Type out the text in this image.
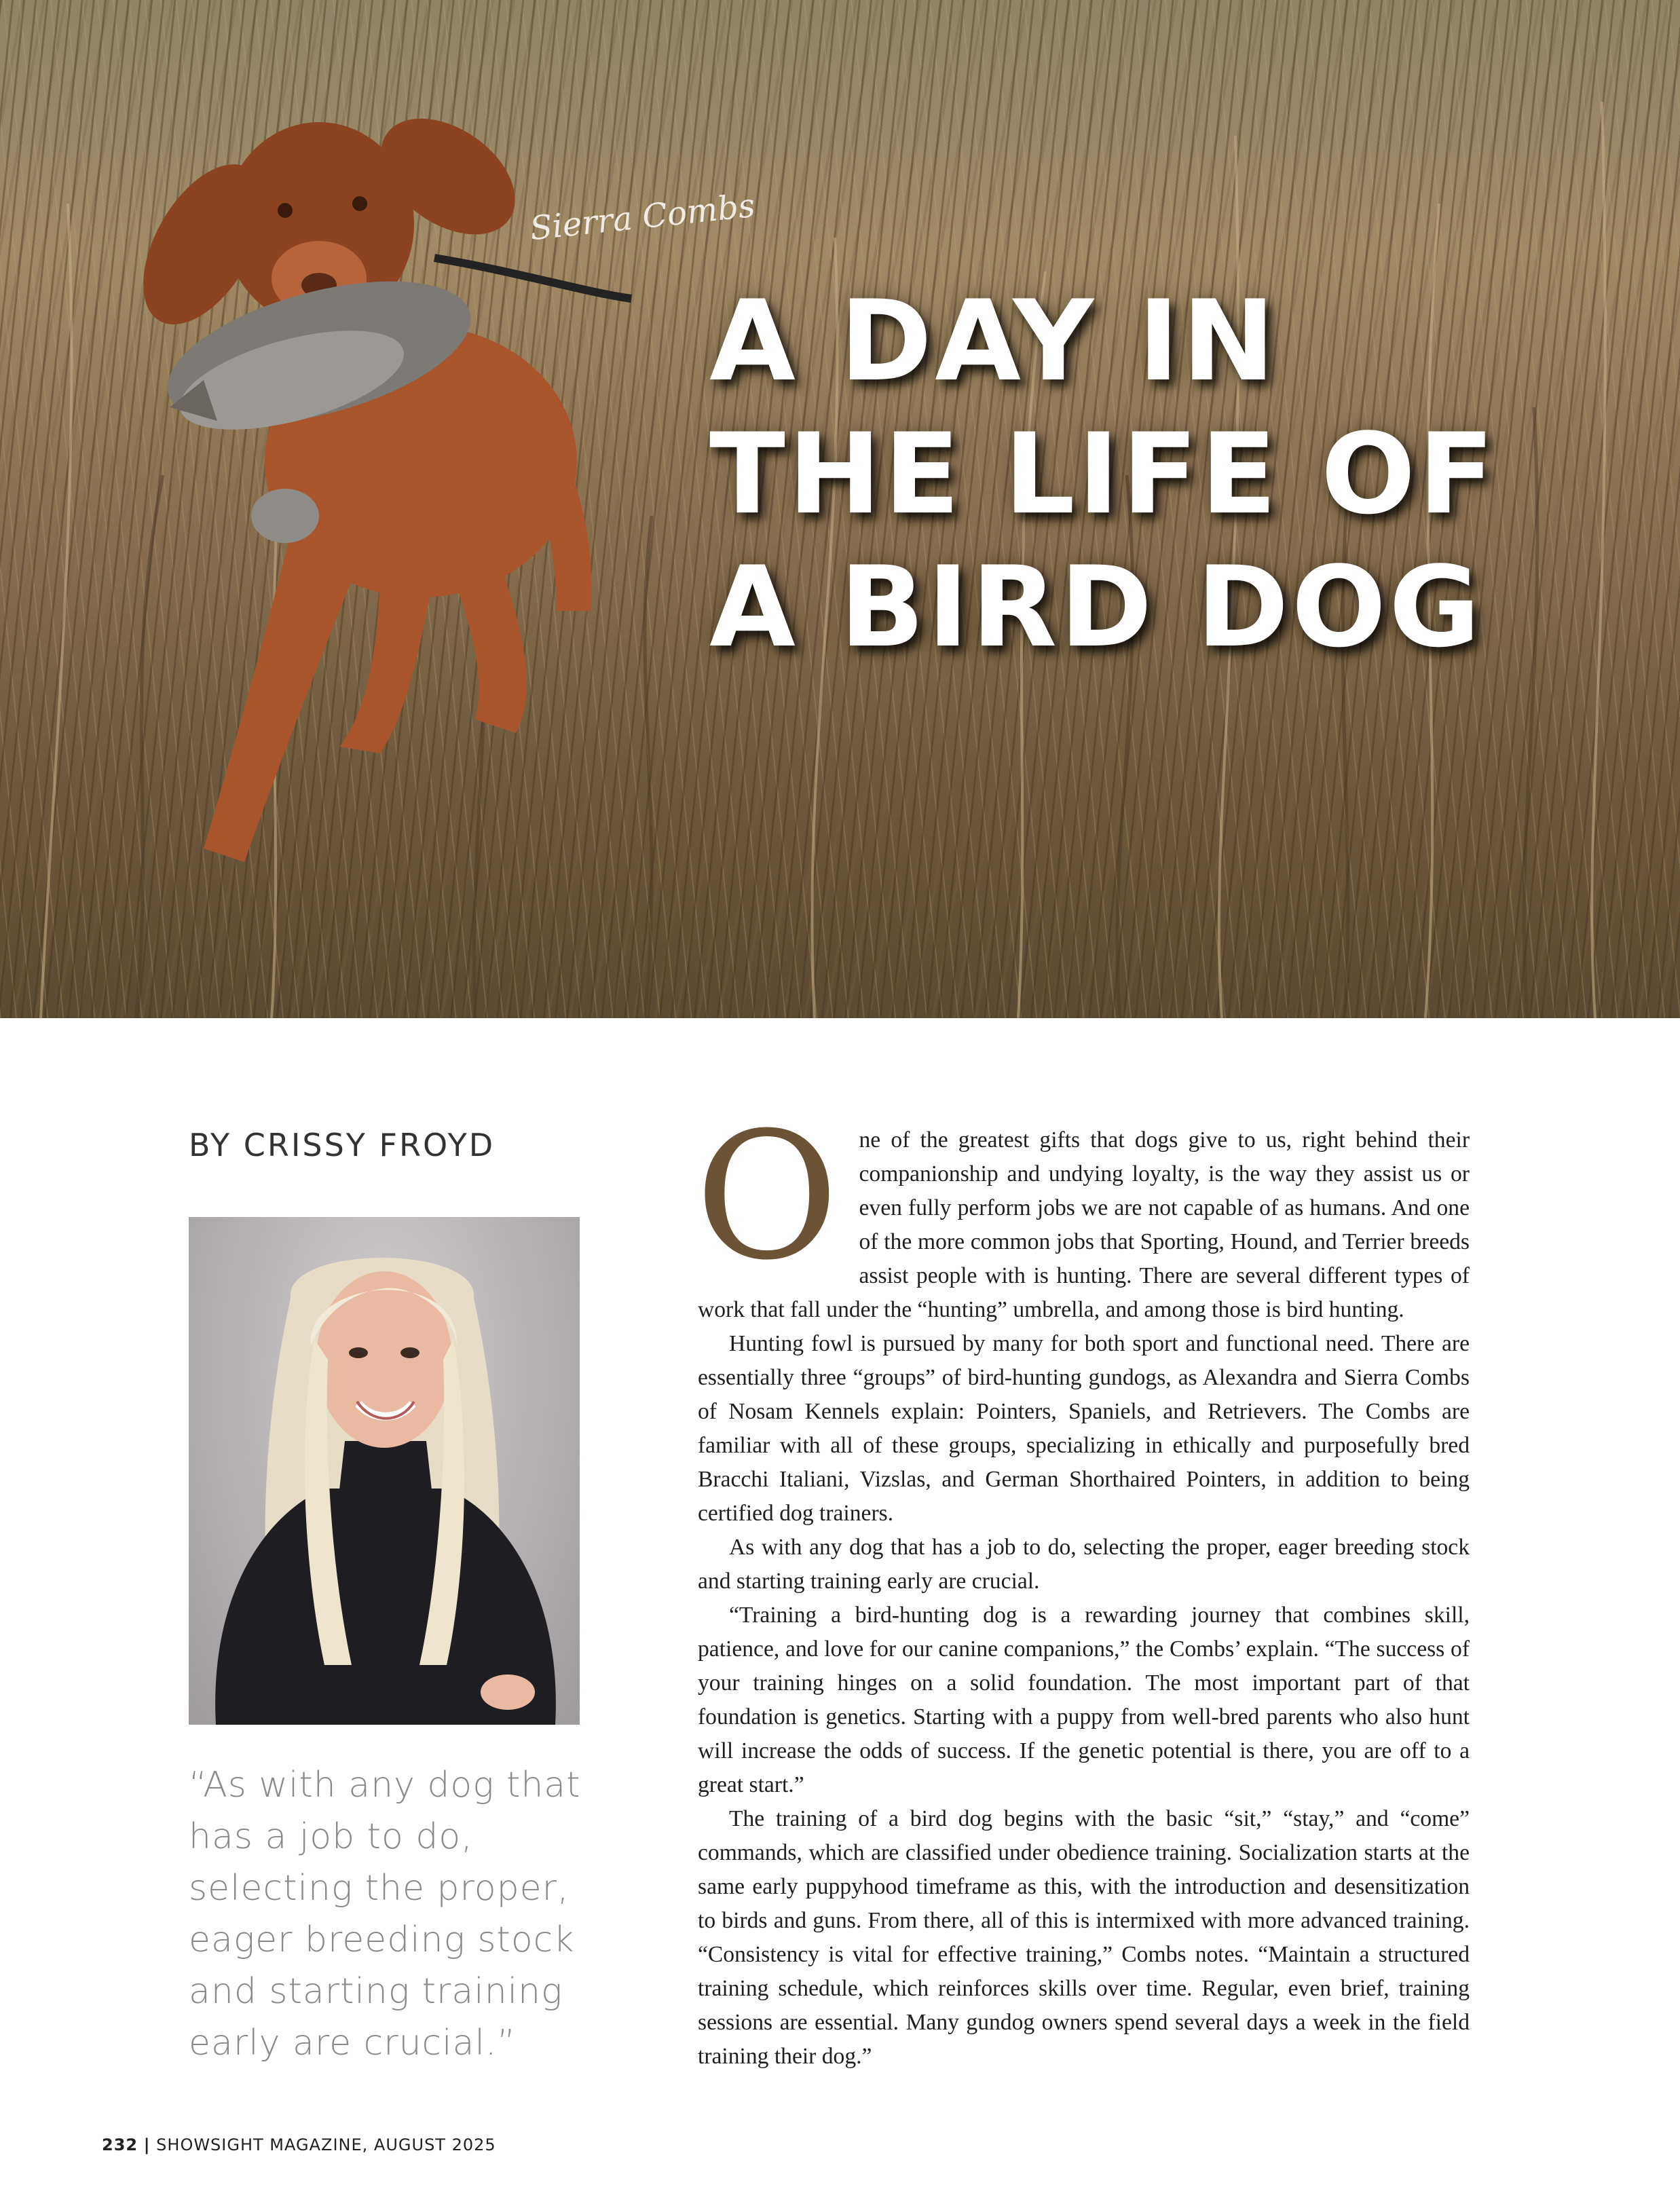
Sierra Combs
A DAY IN
THE LIFE OF
A BIRD DOG
BY CRISSY FROYD

“As with any dog that has a job to do, selecting the proper, eager breeding stock and starting training early are crucial.”

One of the greatest gifts that dogs give to us, right behind their companionship and undying loyalty, is the way they assist us or even fully perform jobs we are not capable of as humans. And one of the more common jobs that Sporting, Hound, and Terrier breeds assist people with is hunting. There are several different types of work that fall under the “hunting” umbrella, and among those is bird hunting.

Hunting fowl is pursued by many for both sport and functional need. There are essentially three “groups” of bird-hunting gundogs, as Alexandra and Sierra Combs of Nosam Kennels explain: Pointers, Spaniels, and Retrievers. The Combs are familiar with all of these groups, specializing in ethically and purposefully bred Bracchi Italiani, Vizslas, and German Shorthaired Pointers, in addition to being certified dog trainers.

As with any dog that has a job to do, selecting the proper, eager breeding stock and starting training early are crucial.

“Training a bird-hunting dog is a rewarding journey that combines skill, patience, and love for our canine companions,” the Combs’ explain. “The success of your training hinges on a solid foundation. The most important part of that foundation is genetics. Starting with a puppy from well-bred parents who also hunt will increase the odds of success. If the genetic potential is there, you are off to a great start.”

The training of a bird dog begins with the basic “sit,” “stay,” and “come” commands, which are classified under obedience training. Socialization starts at the same early puppyhood timeframe as this, with the introduction and desensitization to birds and guns. From there, all of this is intermixed with more advanced training. “Consistency is vital for effective training,” Combs notes. “Maintain a structured training schedule, which reinforces skills over time. Regular, even brief, training sessions are essential. Many gundog owners spend several days a week in the field training their dog.”

232 | SHOWSIGHT MAGAZINE, AUGUST 2025
